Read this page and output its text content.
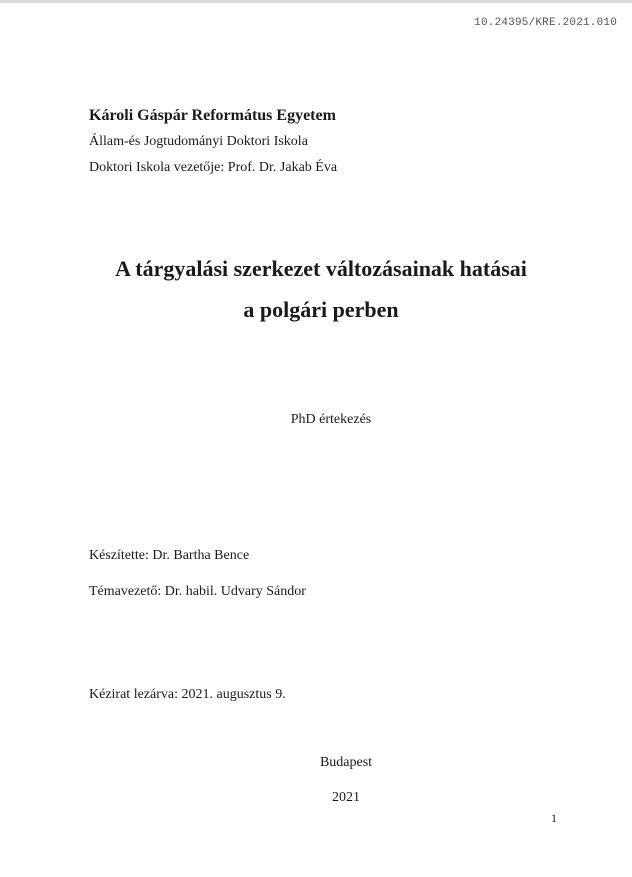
10.24395/KRE.2021.010
Károli Gáspár Református Egyetem
Állam-és Jogtudományi Doktori Iskola
Doktori Iskola vezetője: Prof. Dr. Jakab Éva
A tárgyalási szerkezet változásainak hatásai
a polgári perben
PhD értekezés
Készítette: Dr. Bartha Bence
Témavezető: Dr. habil. Udvary Sándor
Kézirat lezárva: 2021. augusztus 9.
Budapest
2021
1
